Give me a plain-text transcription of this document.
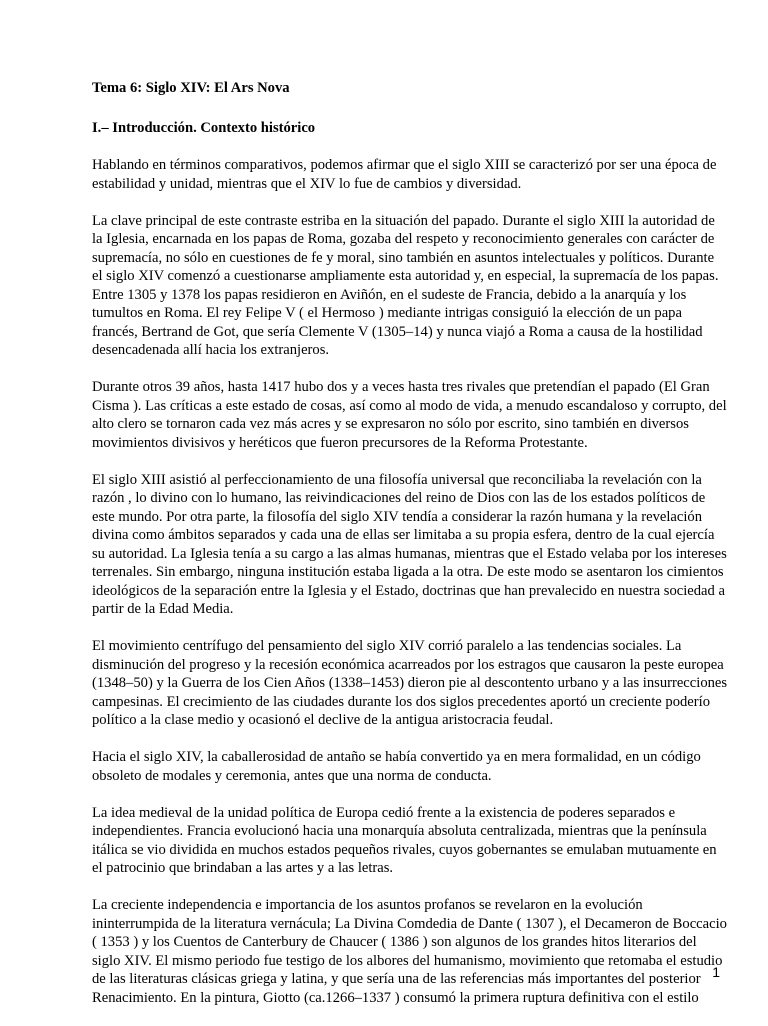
Tema 6: Siglo XIV: El Ars Nova
I.– Introducción. Contexto histórico

Hablando en términos comparativos, podemos afirmar que el siglo XIII se caracterizó por ser una época de estabilidad y unidad, mientras que el XIV lo fue de cambios y diversidad.

La clave principal de este contraste estriba en la situación del papado. Durante el siglo XIII la autoridad de la Iglesia, encarnada en los papas de Roma, gozaba del respeto y reconocimiento generales con carácter de supremacía, no sólo en cuestiones de fe y moral, sino también en asuntos intelectuales y políticos. Durante el siglo XIV comenzó a cuestionarse ampliamente esta autoridad y, en especial, la supremacía de los papas. Entre 1305 y 1378 los papas residieron en Aviñón, en el sudeste de Francia, debido a la anarquía y los tumultos en Roma. El rey Felipe V ( el Hermoso ) mediante intrigas consiguió la elección de un papa francés, Bertrand de Got, que sería Clemente V (1305–14) y nunca viajó a Roma a causa de la hostilidad desencadenada allí hacia los extranjeros.

Durante otros 39 años, hasta 1417 hubo dos y a veces hasta tres rivales que pretendían el papado (El Gran Cisma ). Las críticas a este estado de cosas, así como al modo de vida, a menudo escandaloso y corrupto, del alto clero se tornaron cada vez más acres y se expresaron no sólo por escrito, sino también en diversos movimientos divisivos y heréticos que fueron precursores de la Reforma Protestante.

El siglo XIII asistió al perfeccionamiento de una filosofía universal que reconciliaba la revelación con la razón , lo divino con lo humano, las reivindicaciones del reino de Dios con las de los estados políticos de este mundo. Por otra parte, la filosofía del siglo XIV tendía a considerar la razón humana y la revelación divina como ámbitos separados y cada una de ellas ser limitaba a su propia esfera, dentro de la cual ejercía su autoridad. La Iglesia tenía a su cargo a las almas humanas, mientras que el Estado velaba por los intereses terrenales. Sin embargo, ninguna institución estaba ligada a la otra. De este modo se asentaron los cimientos ideológicos de la separación entre la Iglesia y el Estado, doctrinas que han prevalecido en nuestra sociedad a partir de la Edad Media.

El movimiento centrífugo del pensamiento del siglo XIV corrió paralelo a las tendencias sociales. La disminución del progreso y la recesión económica acarreados por los estragos que causaron la peste europea (1348–50) y la Guerra de los Cien Años (1338–1453) dieron pie al descontento urbano y a las insurrecciones campesinas. El crecimiento de las ciudades durante los dos siglos precedentes aportó un creciente poderío político a la clase medio y ocasionó el declive de la antigua aristocracia feudal.

Hacia el siglo XIV, la caballerosidad de antaño se había convertido ya en mera formalidad, en un código obsoleto de modales y ceremonia, antes que una norma de conducta.

La idea medieval de la unidad política de Europa cedió frente a la existencia de poderes separados e independientes. Francia evolucionó hacia una monarquía absoluta centralizada, mientras que la península itálica se vio dividida en muchos estados pequeños rivales, cuyos gobernantes se emulaban mutuamente en el patrocinio que brindaban a las artes y a las letras.

La creciente independencia e importancia de los asuntos profanos se revelaron en la evolución ininterrumpida de la literatura vernácula; La Divina Comdedia de Dante ( 1307 ), el Decameron de Boccacio ( 1353 ) y los Cuentos de Canterbury de Chaucer ( 1386 ) son algunos de los grandes hitos literarios del siglo XIV. El mismo periodo fue testigo de los albores del humanismo, movimiento que retomaba el estudio de las literaturas clásicas griega y latina, y que sería una de las referencias más importantes del posterior Renacimiento. En la pintura, Giotto (ca.1266–1337 ) consumó la primera ruptura definitiva con el estilo

1
